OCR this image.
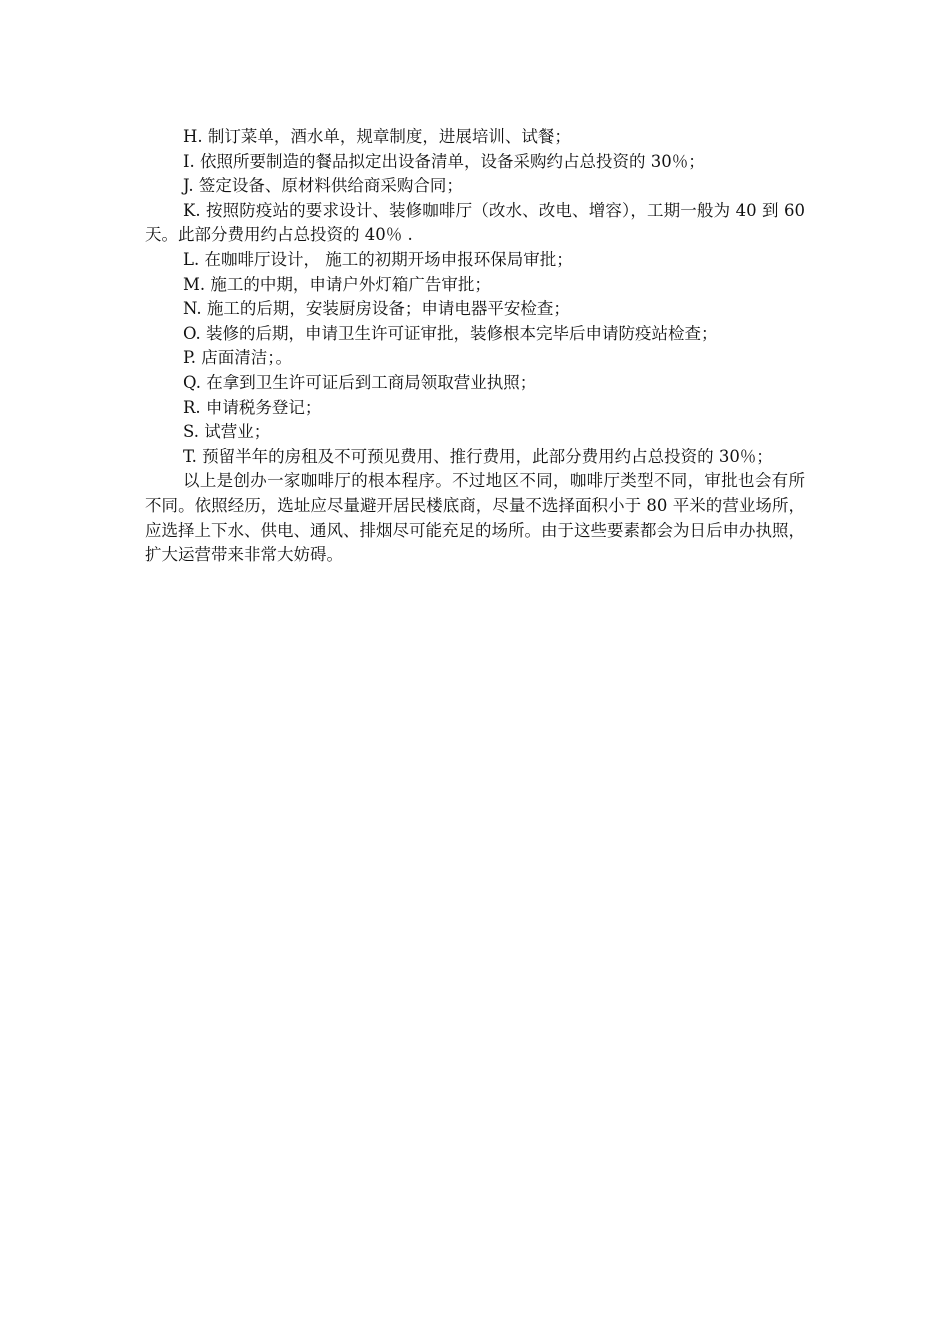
H. 制订菜单，酒水单，规章制度，进展培训、试餐；

I. 依照所要制造的餐品拟定出设备清单，设备采购约占总投资的 30％；

J. 签定设备、原材料供给商采购合同；

K. 按照防疫站的要求设计、装修咖啡厅（改水、改电、增容），工期一般为 40 到 60 天。此部分费用约占总投资的 40％ .

L. 在咖啡厅设计， 施工的初期开场申报环保局审批；

M. 施工的中期，申请户外灯箱广告审批；

N. 施工的后期，安装厨房设备；申请电器平安检查；

O. 装修的后期，申请卫生许可证审批，装修根本完毕后申请防疫站检查；

P. 店面清洁；。

Q. 在拿到卫生许可证后到工商局领取营业执照；

R. 申请税务登记；

S. 试营业；

T. 预留半年的房租及不可预见费用、推行费用，此部分费用约占总投资的 30％；

以上是创办一家咖啡厅的根本程序。不过地区不同，咖啡厅类型不同，审批也会有所不同。依照经历，选址应尽量避开居民楼底商，尽量不选择面积小于 80 平米的营业场所，应选择上下水、供电、通风、排烟尽可能充足的场所。由于这些要素都会为日后申办执照，扩大运营带来非常大妨碍。
